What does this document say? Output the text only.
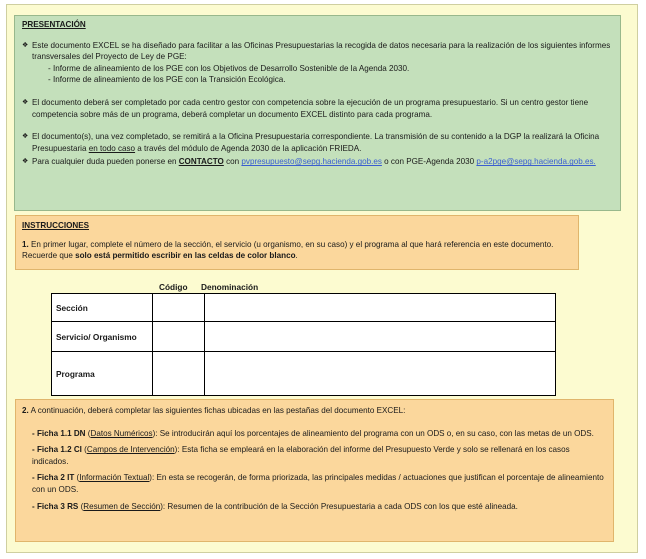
PRESENTACIÓN
❖ Este documento EXCEL se ha diseñado para facilitar a las Oficinas Presupuestarias la recogida de datos necesaria para la realización de los siguientes informes transversales del Proyecto de Ley de PGE:
- Informe de alineamiento de los PGE con los Objetivos de Desarrollo Sostenible de la Agenda 2030.
- Informe de alineamiento de los PGE con la Transición Ecológica.
❖ El documento deberá ser completado por cada centro gestor con competencia sobre la ejecución de un programa presupuestario. Si un centro gestor tiene competencia sobre más de un programa, deberá completar un documento EXCEL distinto para cada programa.
❖ El documento(s), una vez completado, se remitirá a la Oficina Presupuestaria correspondiente. La transmisión de su contenido a la DGP la realizará la Oficina Presupuestaria en todo caso a través del módulo de Agenda 2030 de la aplicación FRIEDA.
❖ Para cualquier duda pueden ponerse en CONTACTO con pvpresupuesto@sepg.hacienda.gob.es o con PGE-Agenda 2030 p-a2pge@sepg.hacienda.gob.es.
INSTRUCCIONES
1. En primer lugar, complete el número de la sección, el servicio (u organismo, en su caso) y el programa al que hará referencia en este documento. Recuerde que solo está permitido escribir en las celdas de color blanco.
Código Denominación
Sección		
Servicio/ Organismo		
Programa		
2. A continuación, deberá completar las siguientes fichas ubicadas en las pestañas del documento EXCEL:
- Ficha 1.1 DN (Datos Numéricos): Se introducirán aquí los porcentajes de alineamiento del programa con un ODS o, en su caso, con las metas de un ODS.
- Ficha 1.2 CI (Campos de Intervención): Esta ficha se empleará en la elaboración del informe del Presupuesto Verde y solo se rellenará en los casos indicados.
- Ficha 2 IT (Información Textual): En esta se recogerán, de forma priorizada, las principales medidas / actuaciones que justifican el porcentaje de alineamiento con un ODS.
- Ficha 3 RS (Resumen de Sección): Resumen de la contribución de la Sección Presupuestaria a cada ODS con los que esté alineada.
